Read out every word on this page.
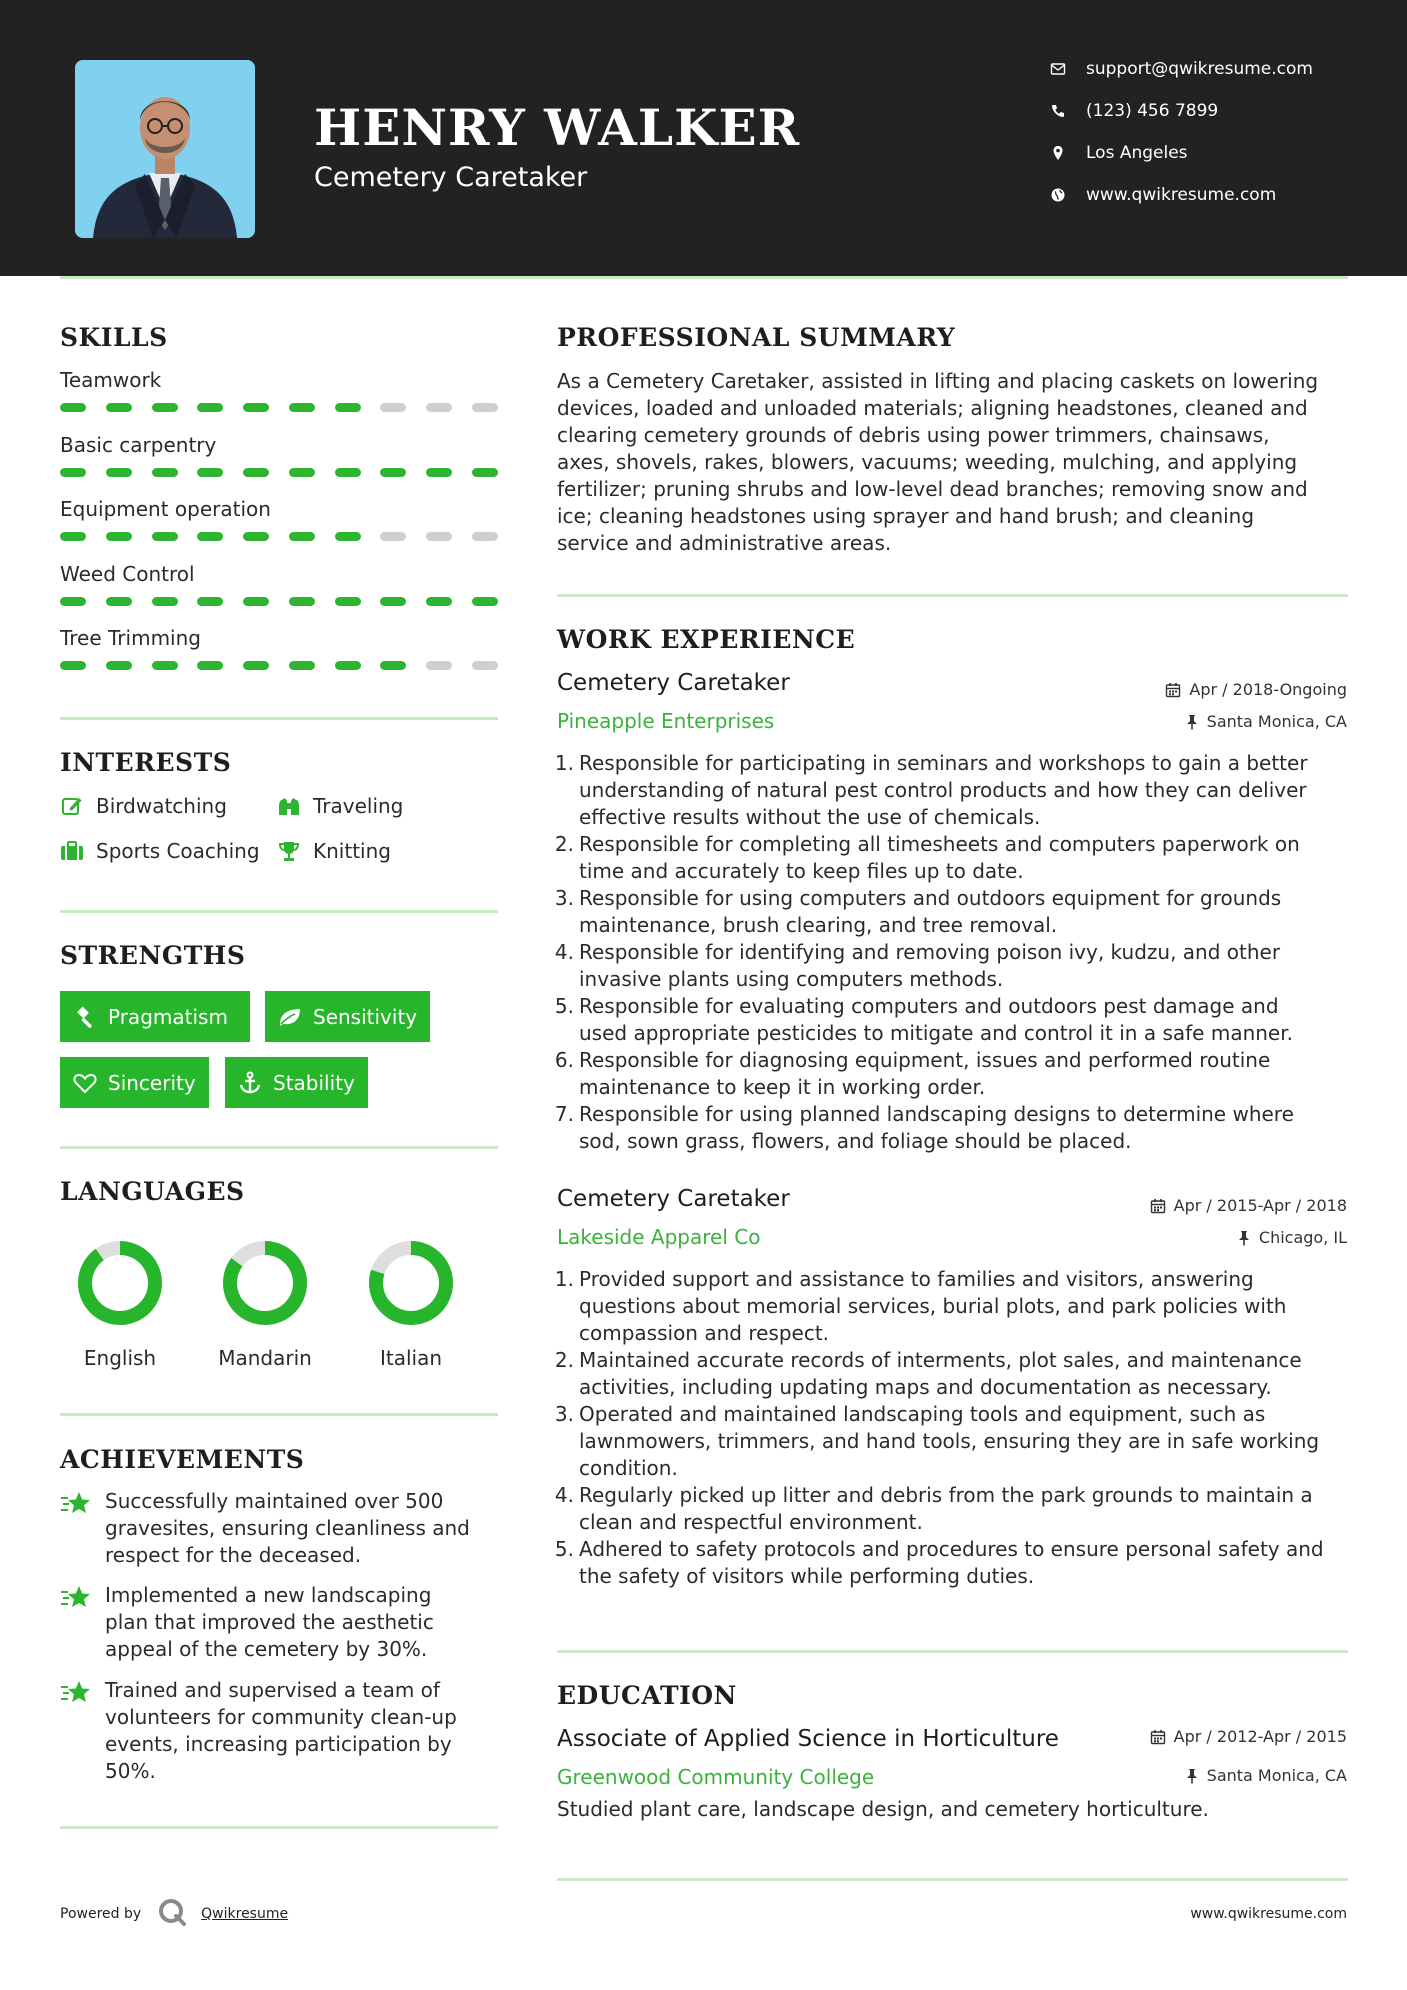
HENRY WALKER
Cemetery Caretaker
support@qwikresume.com
(123) 456 7899
Los Angeles
www.qwikresume.com
SKILLS
Teamwork
Basic carpentry
Equipment operation
Weed Control
Tree Trimming
INTERESTS
Birdwatching	Traveling
Sports Coaching	Knitting
STRENGTHS
Pragmatism	Sensitivity
Sincerity	Stability
LANGUAGES
English	Mandarin	Italian
ACHIEVEMENTS
Successfully maintained over 500
gravesites, ensuring cleanliness and
respect for the deceased.
Implemented a new landscaping
plan that improved the aesthetic
appeal of the cemetery by 30%.
Trained and supervised a team of
volunteers for community clean-up
events, increasing participation by
50%.
PROFESSIONAL SUMMARY
As a Cemetery Caretaker, assisted in lifting and placing caskets on lowering
devices, loaded and unloaded materials; aligning headstones, cleaned and
clearing cemetery grounds of debris using power trimmers, chainsaws,
axes, shovels, rakes, blowers, vacuums; weeding, mulching, and applying
fertilizer; pruning shrubs and low-level dead branches; removing snow and
ice; cleaning headstones using sprayer and hand brush; and cleaning
service and administrative areas.
WORK EXPERIENCE
Cemetery Caretaker	Apr / 2018-Ongoing
Pineapple Enterprises	Santa Monica, CA
1. Responsible for participating in seminars and workshops to gain a better
understanding of natural pest control products and how they can deliver
effective results without the use of chemicals.
2. Responsible for completing all timesheets and computers paperwork on
time and accurately to keep files up to date.
3. Responsible for using computers and outdoors equipment for grounds
maintenance, brush clearing, and tree removal.
4. Responsible for identifying and removing poison ivy, kudzu, and other
invasive plants using computers methods.
5. Responsible for evaluating computers and outdoors pest damage and
used appropriate pesticides to mitigate and control it in a safe manner.
6. Responsible for diagnosing equipment, issues and performed routine
maintenance to keep it in working order.
7. Responsible for using planned landscaping designs to determine where
sod, sown grass, flowers, and foliage should be placed.
Cemetery Caretaker	Apr / 2015-Apr / 2018
Lakeside Apparel Co	Chicago, IL
1. Provided support and assistance to families and visitors, answering
questions about memorial services, burial plots, and park policies with
compassion and respect.
2. Maintained accurate records of interments, plot sales, and maintenance
activities, including updating maps and documentation as necessary.
3. Operated and maintained landscaping tools and equipment, such as
lawnmowers, trimmers, and hand tools, ensuring they are in safe working
condition.
4. Regularly picked up litter and debris from the park grounds to maintain a
clean and respectful environment.
5. Adhered to safety protocols and procedures to ensure personal safety and
the safety of visitors while performing duties.
EDUCATION
Associate of Applied Science in Horticulture	Apr / 2012-Apr / 2015
Greenwood Community College	Santa Monica, CA
Studied plant care, landscape design, and cemetery horticulture.
Powered by	Qwikresume	www.qwikresume.com
